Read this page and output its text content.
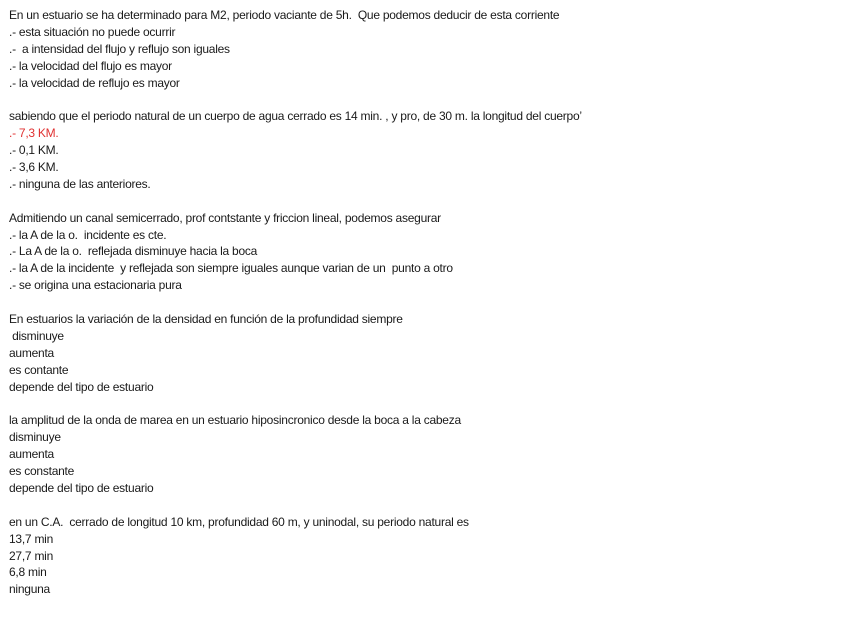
En un estuario se ha determinado para M2, periodo vaciante de 5h.  Que podemos deducir de esta corriente
.- esta situación no puede ocurrir
.-  a intensidad del flujo y reflujo son iguales
.- la velocidad del flujo es mayor
.- la velocidad de reflujo es mayor
sabiendo que el periodo natural de un cuerpo de agua cerrado es 14 min. , y pro, de 30 m. la longitud del cuerpo’
.- 7,3 KM.
.- 0,1 KM.
.- 3,6 KM.
.- ninguna de las anteriores.
Admitiendo un canal semicerrado, prof contstante y friccion lineal, podemos asegurar
.- la A de la o.  incidente es cte.
.- La A de la o.  reflejada disminuye hacia la boca
.- la A de la incidente  y reflejada son siempre iguales aunque varian de un  punto a otro
.- se origina una estacionaria pura
En estuarios la variación de la densidad en función de la profundidad siempre
disminuye
aumenta
es contante
depende del tipo de estuario
la amplitud de la onda de marea en un estuario hiposincronico desde la boca a la cabeza
disminuye
aumenta
es constante
depende del tipo de estuario
en un C.A.  cerrado de longitud 10 km, profundidad 60 m, y uninodal, su periodo natural es
13,7 min
27,7 min
6,8 min
ninguna
